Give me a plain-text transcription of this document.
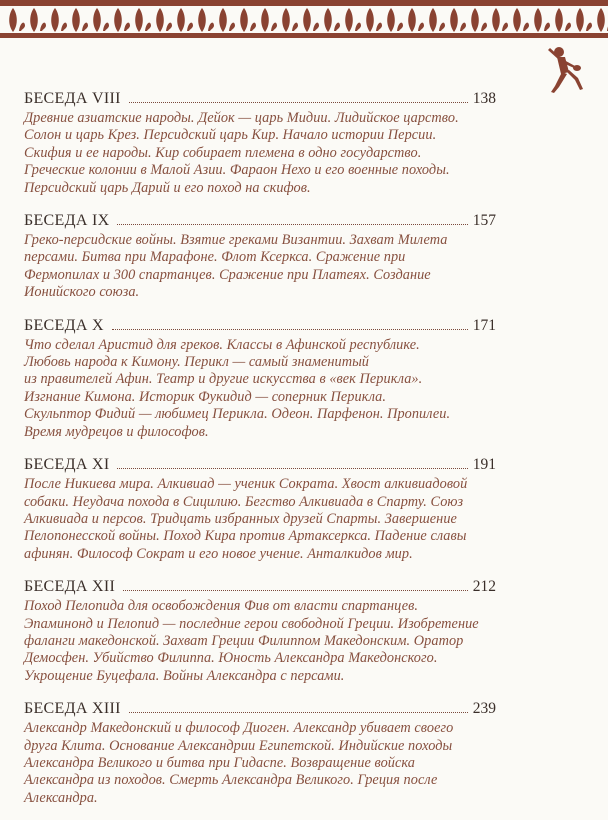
БЕСЕДА VIII	138
Древние азиатские народы. Дейок — царь Мидии. Лидийское царство.
Солон и царь Крез. Персидский царь Кир. Начало истории Персии.
Скифия и ее народы. Кир собирает племена в одно государство.
Греческие колонии в Малой Азии. Фараон Нехо и его военные походы.
Персидский царь Дарий и его поход на скифов.
БЕСЕДА IX	157
Греко-персидские войны. Взятие греками Византии. Захват Милета
персами. Битва при Марафоне. Флот Ксеркса. Сражение при
Фермопилах и 300 спартанцев. Сражение при Платеях. Создание
Ионийского союза.
БЕСЕДА X	171
Что сделал Аристид для греков. Классы в Афинской республике.
Любовь народа к Кимону. Перикл — самый знаменитый
из правителей Афин. Театр и другие искусства в «век Перикла».
Изгнание Кимона. Историк Фукидид — соперник Перикла.
Скульптор Фидий — любимец Перикла. Одеон. Парфенон. Пропилеи.
Время мудрецов и философов.
БЕСЕДА XI	191
После Никиева мира. Алкивиад — ученик Сократа. Хвост алкивиадовой
собаки. Неудача похода в Сицилию. Бегство Алкивиада в Спарту. Союз
Алкивиада и персов. Тридцать избранных друзей Спарты. Завершение
Пелопонесской войны. Поход Кира против Артаксеркса. Падение славы
афинян. Философ Сократ и его новое учение. Анталкидов мир.
БЕСЕДА XII	212
Поход Пелопида для освобождения Фив от власти спартанцев.
Эпаминонд и Пелопид — последние герои свободной Греции. Изобретение
фаланги македонской. Захват Греции Филиппом Македонским. Оратор
Демосфен. Убийство Филиппа. Юность Александра Македонского.
Укрощение Буцефала. Войны Александра с персами.
БЕСЕДА XIII	239
Александр Македонский и философ Диоген. Александр убивает своего
друга Клита. Основание Александрии Египетской. Индийские походы
Александра Великого и битва при Гидаспе. Возвращение войска
Александра из походов. Смерть Александра Великого. Греция после
Александра.
